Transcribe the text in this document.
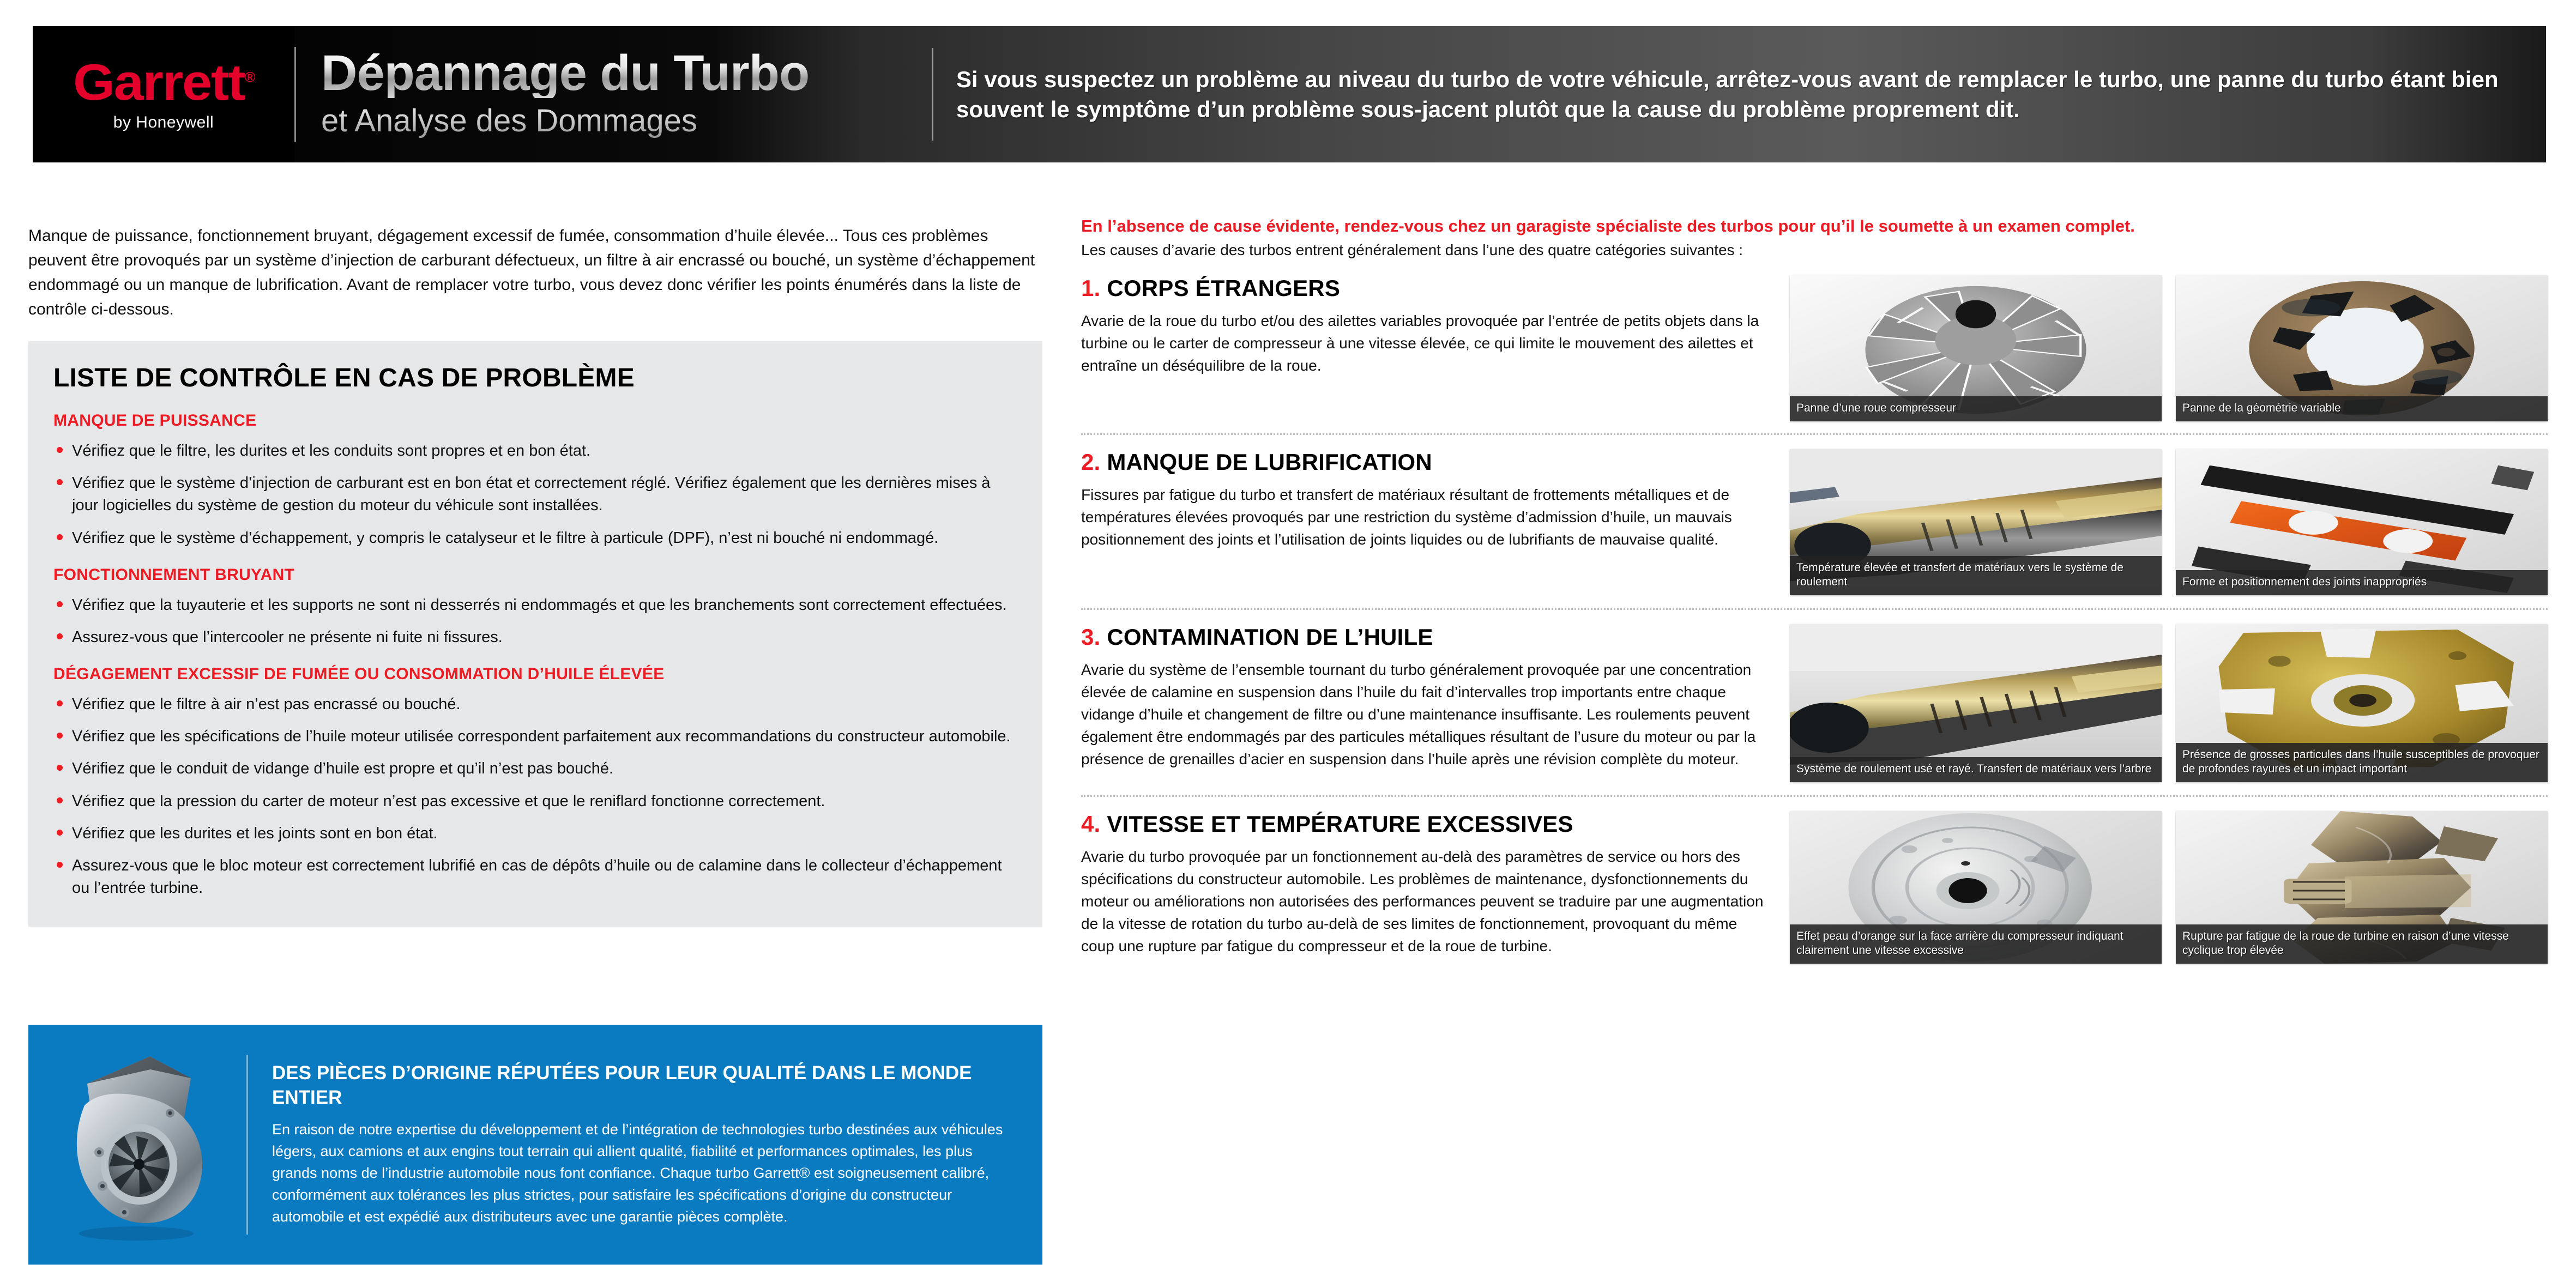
Garrett®
by Honeywell
Dépannage du Turbo
et Analyse des Dommages

Si vous suspectez un problème au niveau du turbo de votre véhicule, arrêtez-vous avant de remplacer le turbo, une panne du turbo étant bien souvent le symptôme d’un problème sous-jacent plutôt que la cause du problème proprement dit.

Manque de puissance, fonctionnement bruyant, dégagement excessif de fumée, consommation d’huile élevée... Tous ces problèmes peuvent être provoqués par un système d’injection de carburant défectueux, un filtre à air encrassé ou bouché, un système d’échappement endommagé ou un manque de lubrification. Avant de remplacer votre turbo, vous devez donc vérifier les points énumérés dans la liste de contrôle ci-dessous.

LISTE DE CONTRÔLE EN CAS DE PROBLÈME
MANQUE DE PUISSANCE
Vérifiez que le filtre, les durites et les conduits sont propres et en bon état.
Vérifiez que le système d’injection de carburant est en bon état et correctement réglé. Vérifiez également que les dernières mises à jour logicielles du système de gestion du moteur du véhicule sont installées.
Vérifiez que le système d’échappement, y compris le catalyseur et le filtre à particule (DPF), n’est ni bouché ni endommagé.
FONCTIONNEMENT BRUYANT
Vérifiez que la tuyauterie et les supports ne sont ni desserrés ni endommagés et que les branchements sont correctement effectuées.
Assurez-vous que l’intercooler ne présente ni fuite ni fissures.
DÉGAGEMENT EXCESSIF DE FUMÉE OU CONSOMMATION D’HUILE ÉLEVÉE
Vérifiez que le filtre à air n’est pas encrassé ou bouché.
Vérifiez que les spécifications de l’huile moteur utilisée correspondent parfaitement aux recommandations du constructeur automobile.
Vérifiez que le conduit de vidange d’huile est propre et qu’il n’est pas bouché.
Vérifiez que la pression du carter de moteur n’est pas excessive et que le reniflard fonctionne correctement.
Vérifiez que les durites et les joints sont en bon état.
Assurez-vous que le bloc moteur est correctement lubrifié en cas de dépôts d’huile ou de calamine dans le collecteur d’échappement ou l’entrée turbine.
DES PIÈCES D’ORIGINE RÉPUTÉES POUR LEUR QUALITÉ DANS LE MONDE ENTIER

En raison de notre expertise du développement et de l’intégration de technologies turbo destinées aux véhicules légers, aux camions et aux engins tout terrain qui allient qualité, fiabilité et performances optimales, les plus grands noms de l’industrie automobile nous font confiance. Chaque turbo Garrett® est soigneusement calibré, conformément aux tolérances les plus strictes, pour satisfaire les spécifications d’origine du constructeur automobile et est expédié aux distributeurs avec une garantie pièces complète.

En l’absence de cause évidente, rendez-vous chez un garagiste spécialiste des turbos pour qu’il le soumette à un examen complet.

Les causes d’avarie des turbos entrent généralement dans l’une des quatre catégories suivantes :

1. CORPS ÉTRANGERS

Avarie de la roue du turbo et/ou des ailettes variables provoquée par l’entrée de petits objets dans la turbine ou le carter de compresseur à une vitesse élevée, ce qui limite le mouvement des ailettes et entraîne un déséquilibre de la roue.

Panne d’une roue compresseur	Panne de la géométrie variable
2. MANQUE DE LUBRIFICATION

Fissures par fatigue du turbo et transfert de matériaux résultant de frottements métalliques et de températures élevées provoqués par une restriction du système d’admission d’huile, un mauvais positionnement des joints et l’utilisation de joints liquides ou de lubrifiants de mauvaise qualité.

Température élevée et transfert de matériaux vers le système de roulement	Forme et positionnement des joints inappropriés
3. CONTAMINATION DE L’HUILE

Avarie du système de l’ensemble tournant du turbo généralement provoquée par une concentration élevée de calamine en suspension dans l’huile du fait d’intervalles trop importants entre chaque vidange d’huile et changement de filtre ou d’une maintenance insuffisante. Les roulements peuvent également être endommagés par des particules métalliques résultant de l’usure du moteur ou par la présence de grenailles d’acier en suspension dans l’huile après une révision complète du moteur.

Système de roulement usé et rayé. Transfert de matériaux vers l’arbre
Présence de grosses particules dans l’huile susceptibles de provoquer de profondes rayures et un impact important
4. VITESSE ET TEMPÉRATURE EXCESSIVES

Avarie du turbo provoquée par un fonctionnement au-delà des paramètres de service ou hors des spécifications du constructeur automobile. Les problèmes de maintenance, dysfonctionnements du moteur ou améliorations non autorisées des performances peuvent se traduire par une augmentation de la vitesse de rotation du turbo au-delà de ses limites de fonctionnement, provoquant du même coup une rupture par fatigue du compresseur et de la roue de turbine.

Effet peau d’orange sur la face arrière du compresseur indiquant clairement une vitesse excessive
Rupture par fatigue de la roue de turbine en raison d’une vitesse cyclique trop élevée
